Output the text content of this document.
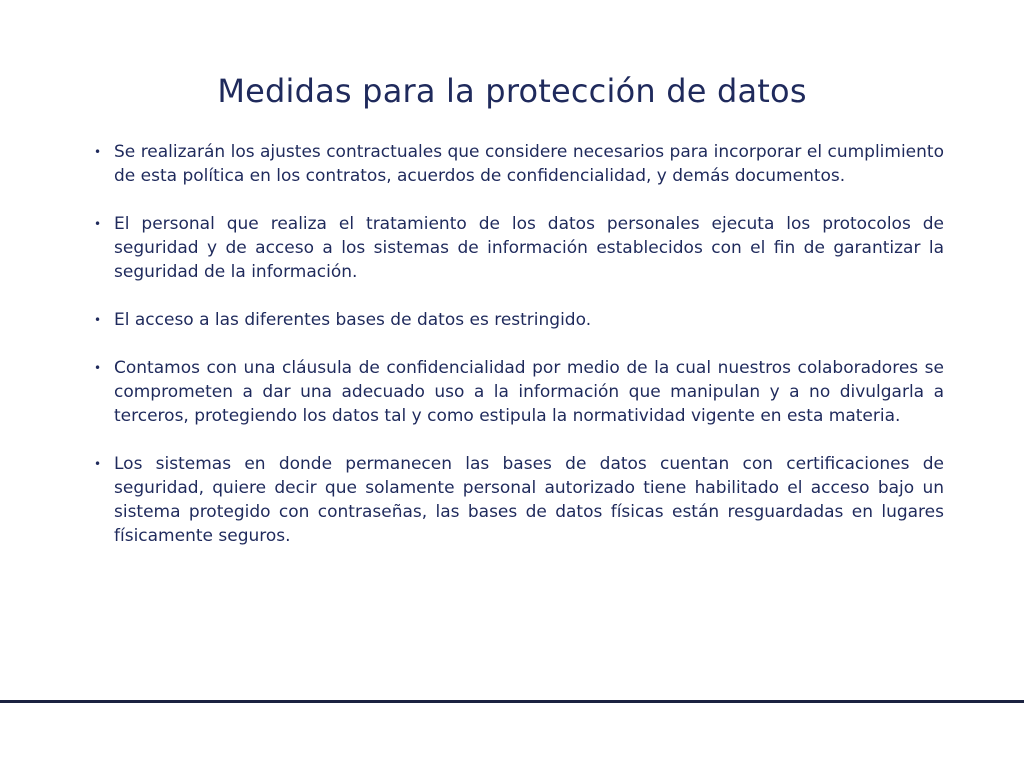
Medidas para la protección de datos
• Se realizarán los ajustes contractuales que considere necesarios para incorporar el cumplimiento de esta política en los contratos, acuerdos de confidencialidad, y demás documentos.
• El personal que realiza el tratamiento de los datos personales ejecuta los protocolos de seguridad y de acceso a los sistemas de información establecidos con el fin de garantizar la seguridad de la información.
• El acceso a las diferentes bases de datos es restringido.
• Contamos con una cláusula de confidencialidad por medio de la cual nuestros colaboradores se comprometen a dar una adecuado uso a la información que manipulan y a no divulgarla a terceros, protegiendo los datos tal y como estipula la normatividad vigente en esta materia.
• Los sistemas en donde permanecen las bases de datos cuentan con certificaciones de seguridad, quiere decir que solamente personal autorizado tiene habilitado el acceso bajo un sistema protegido con contraseñas, las bases de datos físicas están resguardadas en lugares físicamente seguros.
